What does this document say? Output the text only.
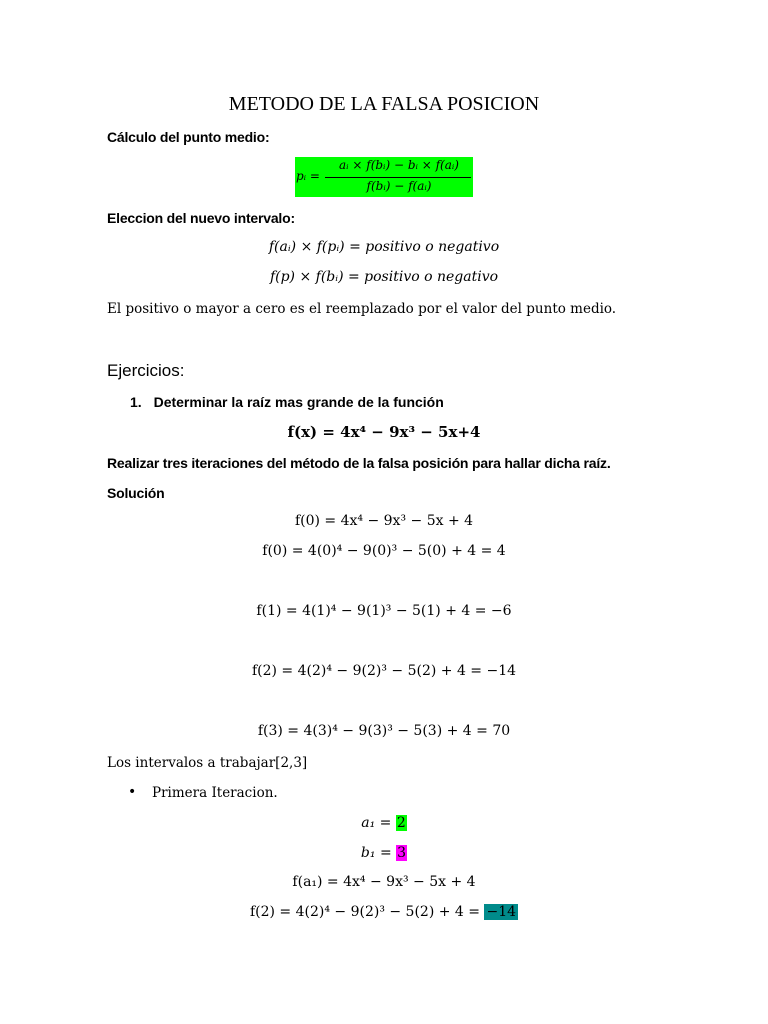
METODO DE LA FALSA POSICION
Cálculo del punto medio:
pᵢ =
aᵢ × f(bᵢ) − bᵢ × f(aᵢ)
f(bᵢ) − f(aᵢ)
Eleccion del nuevo intervalo:
f(aᵢ) × f(pᵢ) = positivo o negativo
f(p) × f(bᵢ) = positivo o negativo
El positivo o mayor a cero es el reemplazado por el valor del punto medio.
Ejercicios:
1. Determinar la raíz mas grande de la función
f(x) = 4x⁴ − 9x³ − 5x+4
Realizar tres iteraciones del método de la falsa posición para hallar dicha raíz.
Solución
f(0) = 4x⁴ − 9x³ − 5x + 4
f(0) = 4(0)⁴ − 9(0)³ − 5(0) + 4 = 4
f(1) = 4(1)⁴ − 9(1)³ − 5(1) + 4 = −6
f(2) = 4(2)⁴ − 9(2)³ − 5(2) + 4 = −14
f(3) = 4(3)⁴ − 9(3)³ − 5(3) + 4 = 70
Los intervalos a trabajar[2,3]
• Primera Iteracion.
a₁ = 2
b₁ = 3
f(a₁) = 4x⁴ − 9x³ − 5x + 4
f(2) = 4(2)⁴ − 9(2)³ − 5(2) + 4 = −14
